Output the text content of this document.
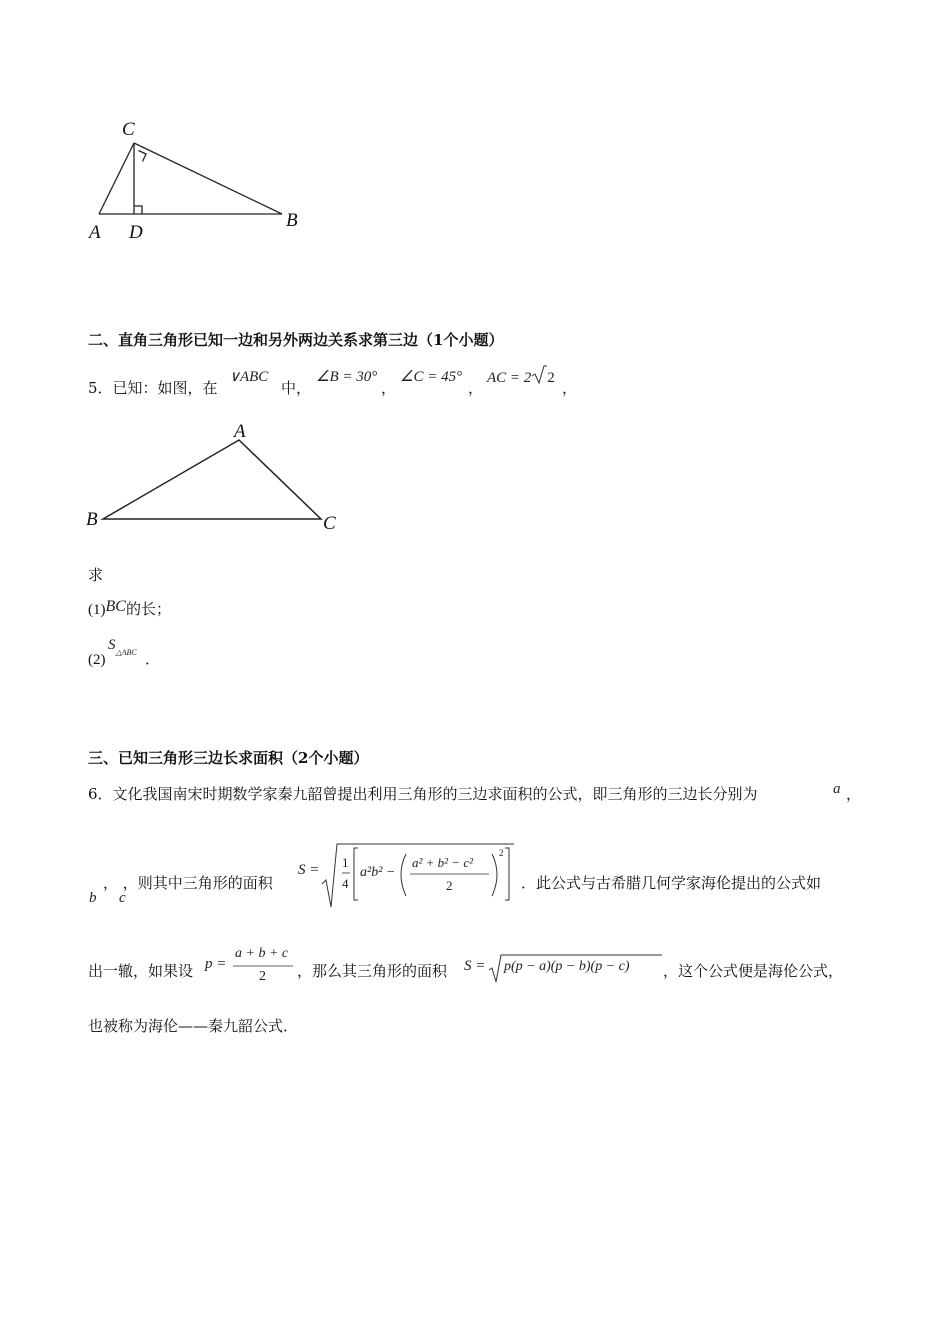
C
A D
B
二、直角三角形已知一边和另外两边关系求第三边（1个小题）
5．已知：如图，在
∨ABC
中，
∠B = 30°
，
∠C = 45°
，
AC = 2 2
，
A
B	C
求
(1)BC的长；
(2)
$S_{\triangle ABC}$ ．
三、已知三角形三边长求面积（2个小题）
6．文化我国南宋时期数学家秦九韶曾提出利用三角形的三边求面积的公式，即三角形的三边长分别为	a ，
， ，则其中三角形的面积
b c
S = 1
4
a²b² −
a² + b² − c²
2
2
．此公式与古希腊几何学家海伦提出的公式如
出一辙，如果设 p =
a + b + c
2 ，那么其三角形的面积 S = p(p − a)(p − b)(p − c) ，这个公式便是海伦公式，
也被称为海伦——秦九韶公式．
